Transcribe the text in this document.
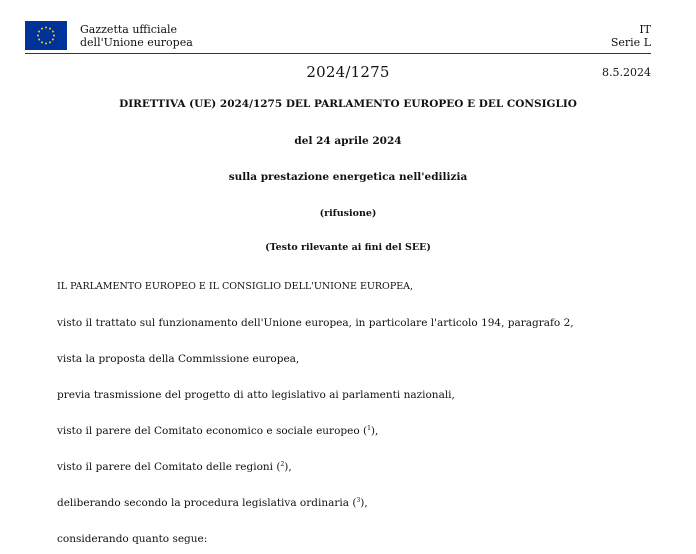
Gazzetta ufficiale
dell'Unione europea
IT
Serie L
2024/1275	8.5.2024
DIRETTIVA (UE) 2024/1275 DEL PARLAMENTO EUROPEO E DEL CONSIGLIO
del 24 aprile 2024
sulla prestazione energetica nell'edilizia
(rifusione)
(Testo rilevante ai fini del SEE)
IL PARLAMENTO EUROPEO E IL CONSIGLIO DELL'UNIONE EUROPEA,
visto il trattato sul funzionamento dell'Unione europea, in particolare l'articolo 194, paragrafo 2,
vista la proposta della Commissione europea,
previa trasmissione del progetto di atto legislativo ai parlamenti nazionali,
visto il parere del Comitato economico e sociale europeo ($^1$),
visto il parere del Comitato delle regioni ($^2$),
deliberando secondo la procedura legislativa ordinaria ($^3$),
considerando quanto segue:
